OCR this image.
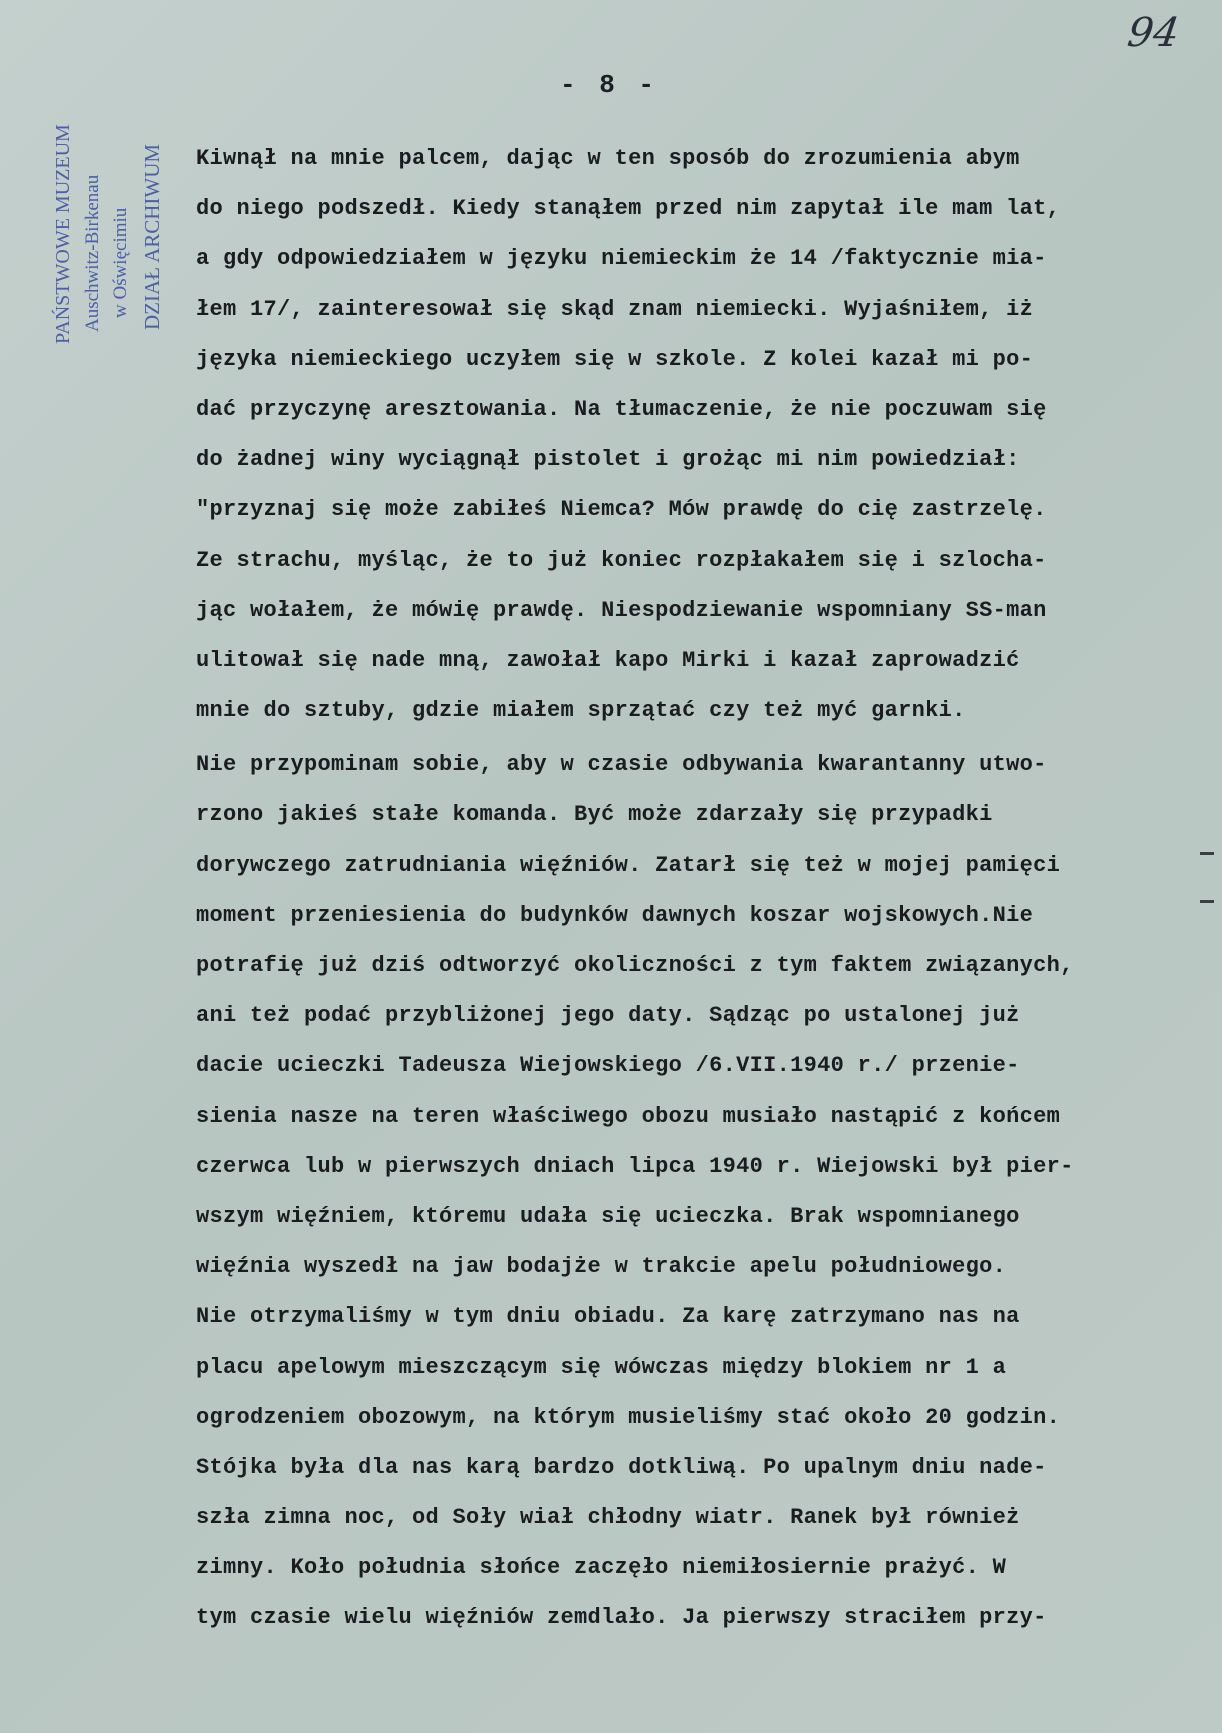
94
- 8 -
PAŃSTWOWE MUZEUM Auschwitz-Birkenau w Oświęcimiu DZIAŁ ARCHIWUM Kiwnął na mnie palcem, dając w ten sposób do zrozumienia abym
do niego podszedł. Kiedy stanąłem przed nim zapytał ile mam lat,
a gdy odpowiedziałem w języku niemieckim że 14 /faktycznie mia-
łem 17/, zainteresował się skąd znam niemiecki. Wyjaśniłem, iż
języka niemieckiego uczyłem się w szkole. Z kolei kazał mi po-
dać przyczynę aresztowania. Na tłumaczenie, że nie poczuwam się
do żadnej winy wyciągnął pistolet i grożąc mi nim powiedział:
"przyznaj się może zabiłeś Niemca? Mów prawdę do cię zastrzelę.
Ze strachu, myśląc, że to już koniec rozpłakałem się i szlocha-
jąc wołałem, że mówię prawdę. Niespodziewanie wspomniany SS-man
ulitował się nade mną, zawołał kapo Mirki i kazał zaprowadzić
mnie do sztuby, gdzie miałem sprzątać czy też myć garnki.
Nie przypominam sobie, aby w czasie odbywania kwarantanny utwo-
rzono jakieś stałe komanda. Być może zdarzały się przypadki
dorywczego zatrudniania więźniów. Zatarł się też w mojej pamięci
moment przeniesienia do budynków dawnych koszar wojskowych.Nie
potrafię już dziś odtworzyć okoliczności z tym faktem związanych,
ani też podać przybliżonej jego daty. Sądząc po ustalonej już
dacie ucieczki Tadeusza Wiejowskiego /6.VII.1940 r./ przenie-
sienia nasze na teren właściwego obozu musiało nastąpić z końcem
czerwca lub w pierwszych dniach lipca 1940 r. Wiejowski był pier-
wszym więźniem, któremu udała się ucieczka. Brak wspomnianego
więźnia wyszedł na jaw bodajże w trakcie apelu południowego.
Nie otrzymaliśmy w tym dniu obiadu. Za karę zatrzymano nas na
placu apelowym mieszczącym się wówczas między blokiem nr 1 a
ogrodzeniem obozowym, na którym musieliśmy stać około 20 godzin.
Stójka była dla nas karą bardzo dotkliwą. Po upalnym dniu nade-
szła zimna noc, od Soły wiał chłodny wiatr. Ranek był również
zimny. Koło południa słońce zaczęło niemiłosiernie prażyć. W
tym czasie wielu więźniów zemdlało. Ja pierwszy straciłem przy-
